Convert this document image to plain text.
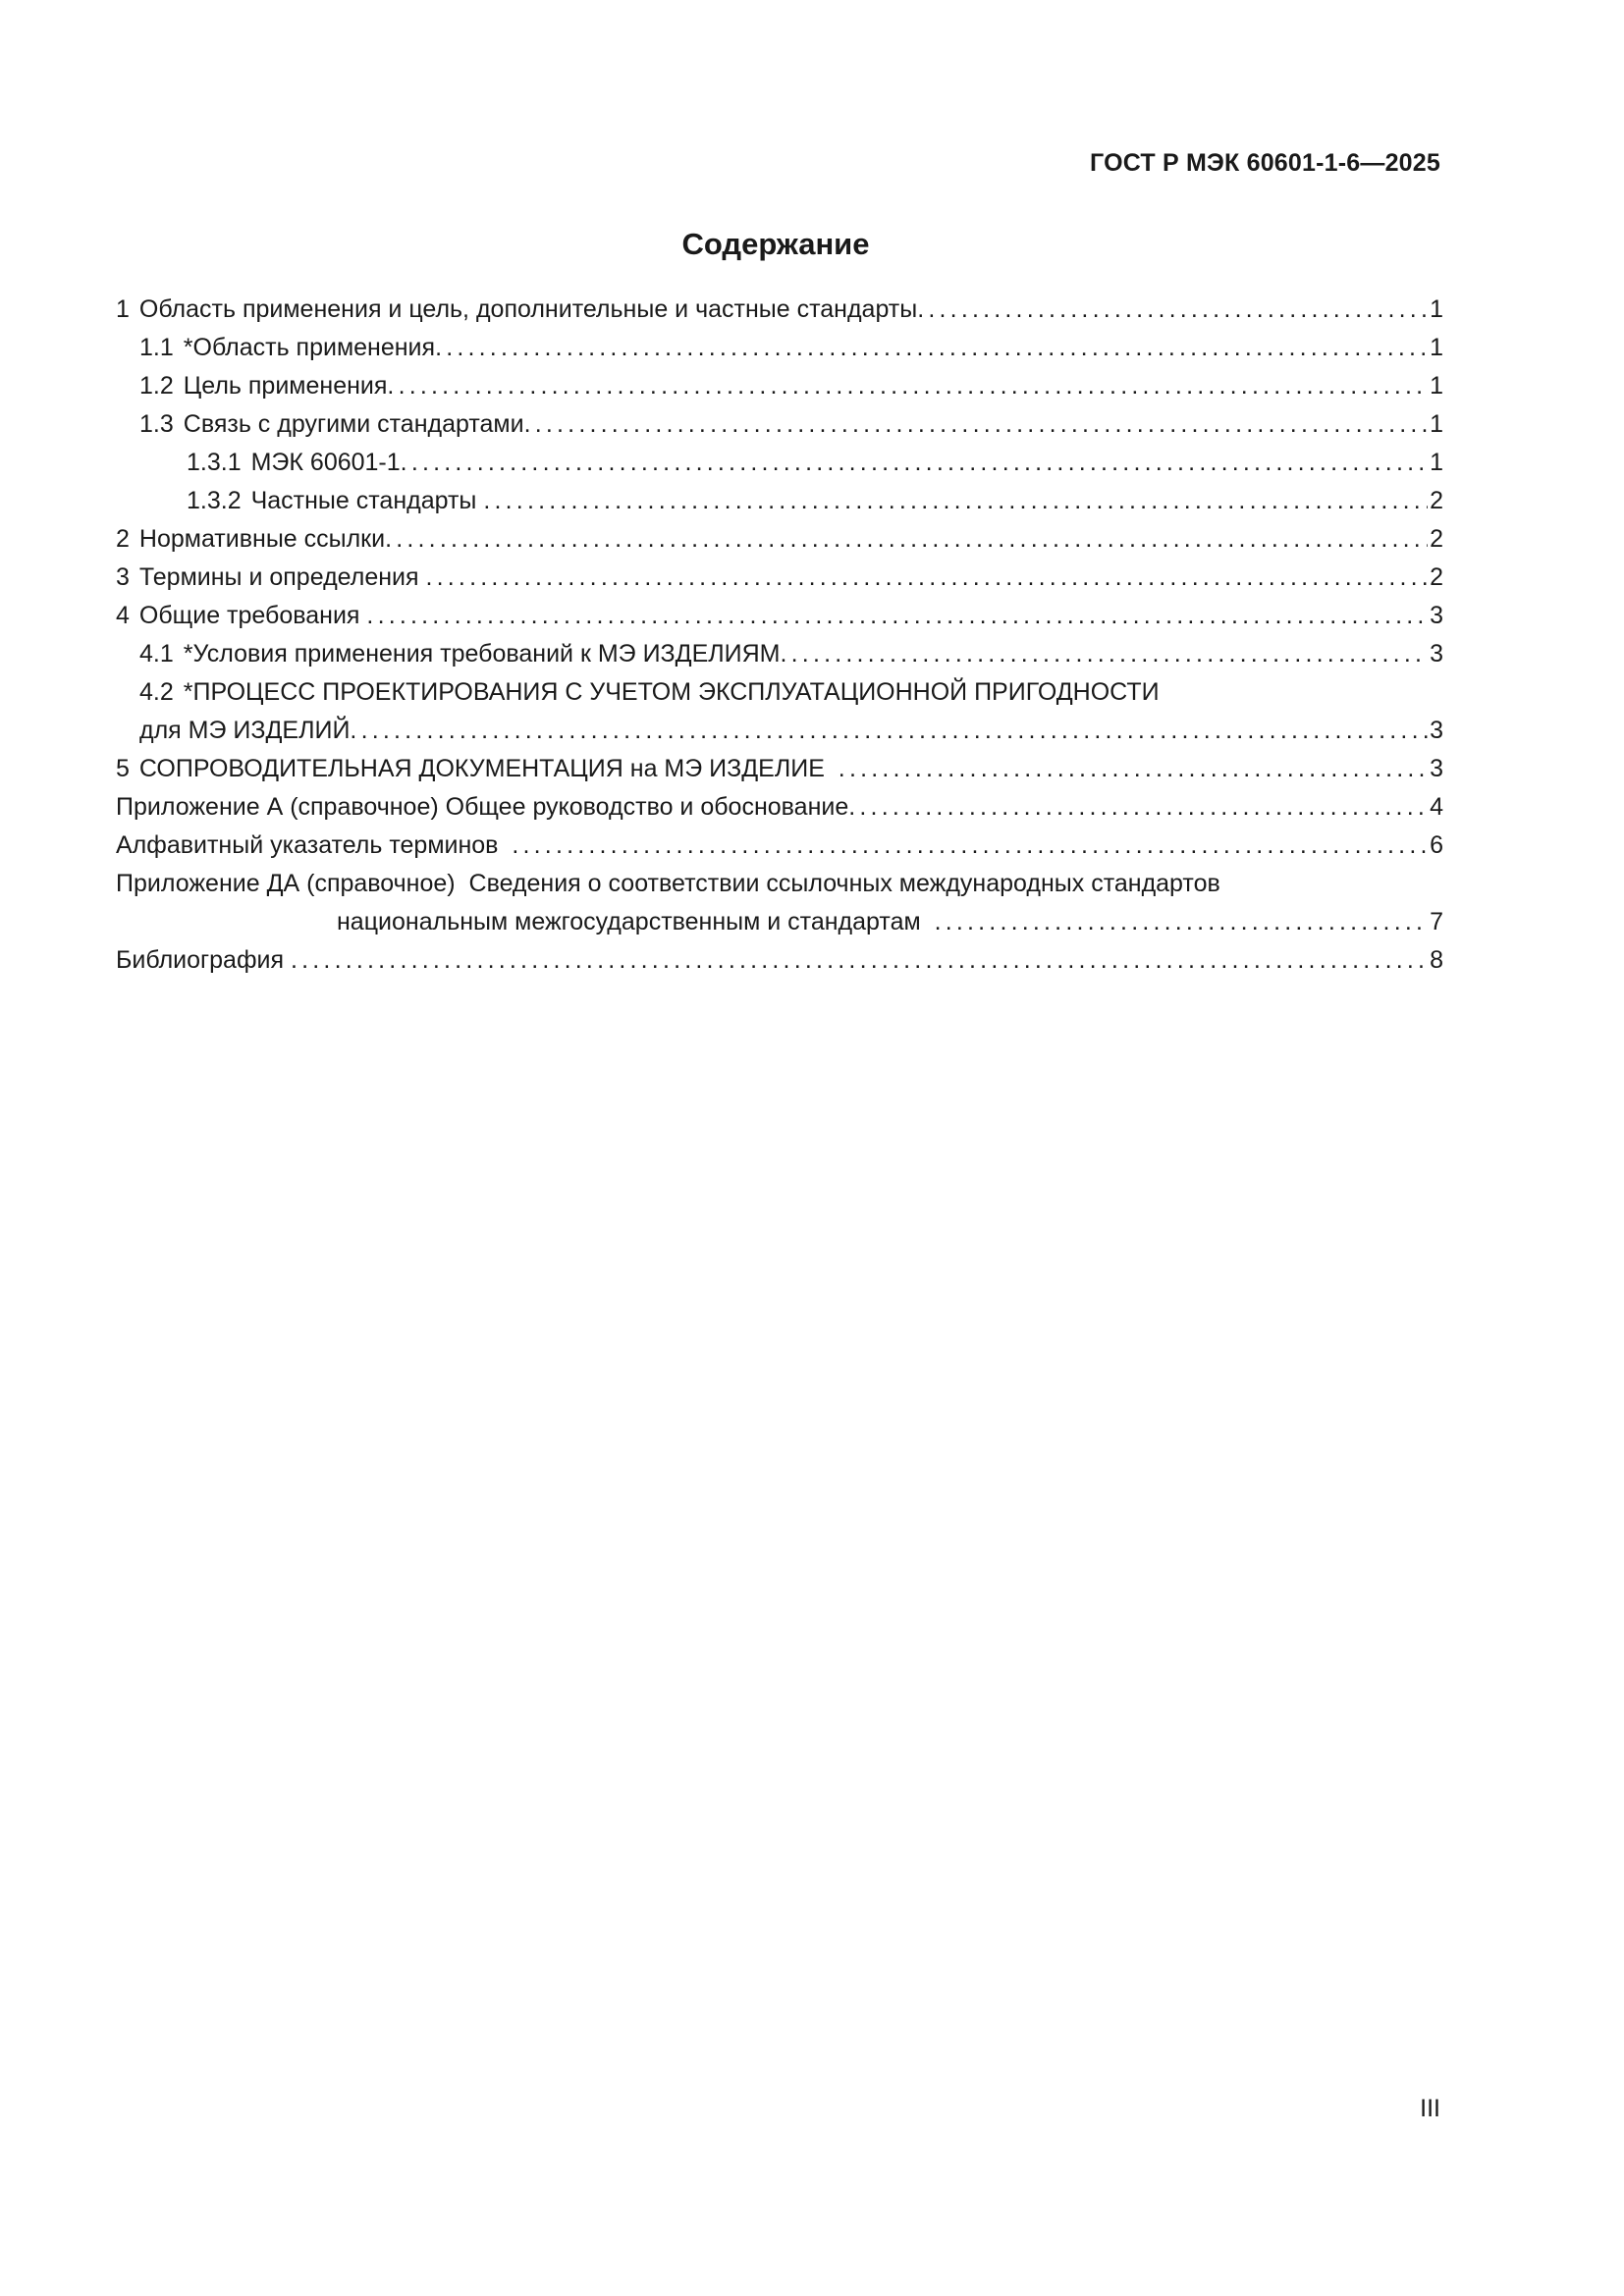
ГОСТ Р МЭК 60601-1-6—2025
Содержание
1 Область применения и цель, дополнительные и частные стандарты .....	1
1.1 *Область применения .....	1
1.2 Цель применения .....	1
1.3 Связь с другими стандартами .....	1
1.3.1 МЭК 60601-1 .....	1
1.3.2 Частные стандарты .....	2
2 Нормативные ссылки .....	2
3 Термины и определения .....	2
4 Общие требования .....	3
4.1 *Условия применения требований к МЭ ИЗДЕЛИЯМ .....	3
4.2 *ПРОЦЕСС ПРОЕКТИРОВАНИЯ С УЧЕТОМ ЭКСПЛУАТАЦИОННОЙ ПРИГОДНОСТИ
для МЭ ИЗДЕЛИЙ .....	3
5 СОПРОВОДИТЕЛЬНАЯ ДОКУМЕНТАЦИЯ на МЭ ИЗДЕЛИЕ .....	3
Приложение А (справочное) Общее руководство и обоснование .....	4
Алфавитный указатель терминов .....	6
Приложение ДА (справочное)  Сведения о соответствии ссылочных международных стандартов
национальным межгосударственным и стандартам .....	7
Библиография .....	8
III
